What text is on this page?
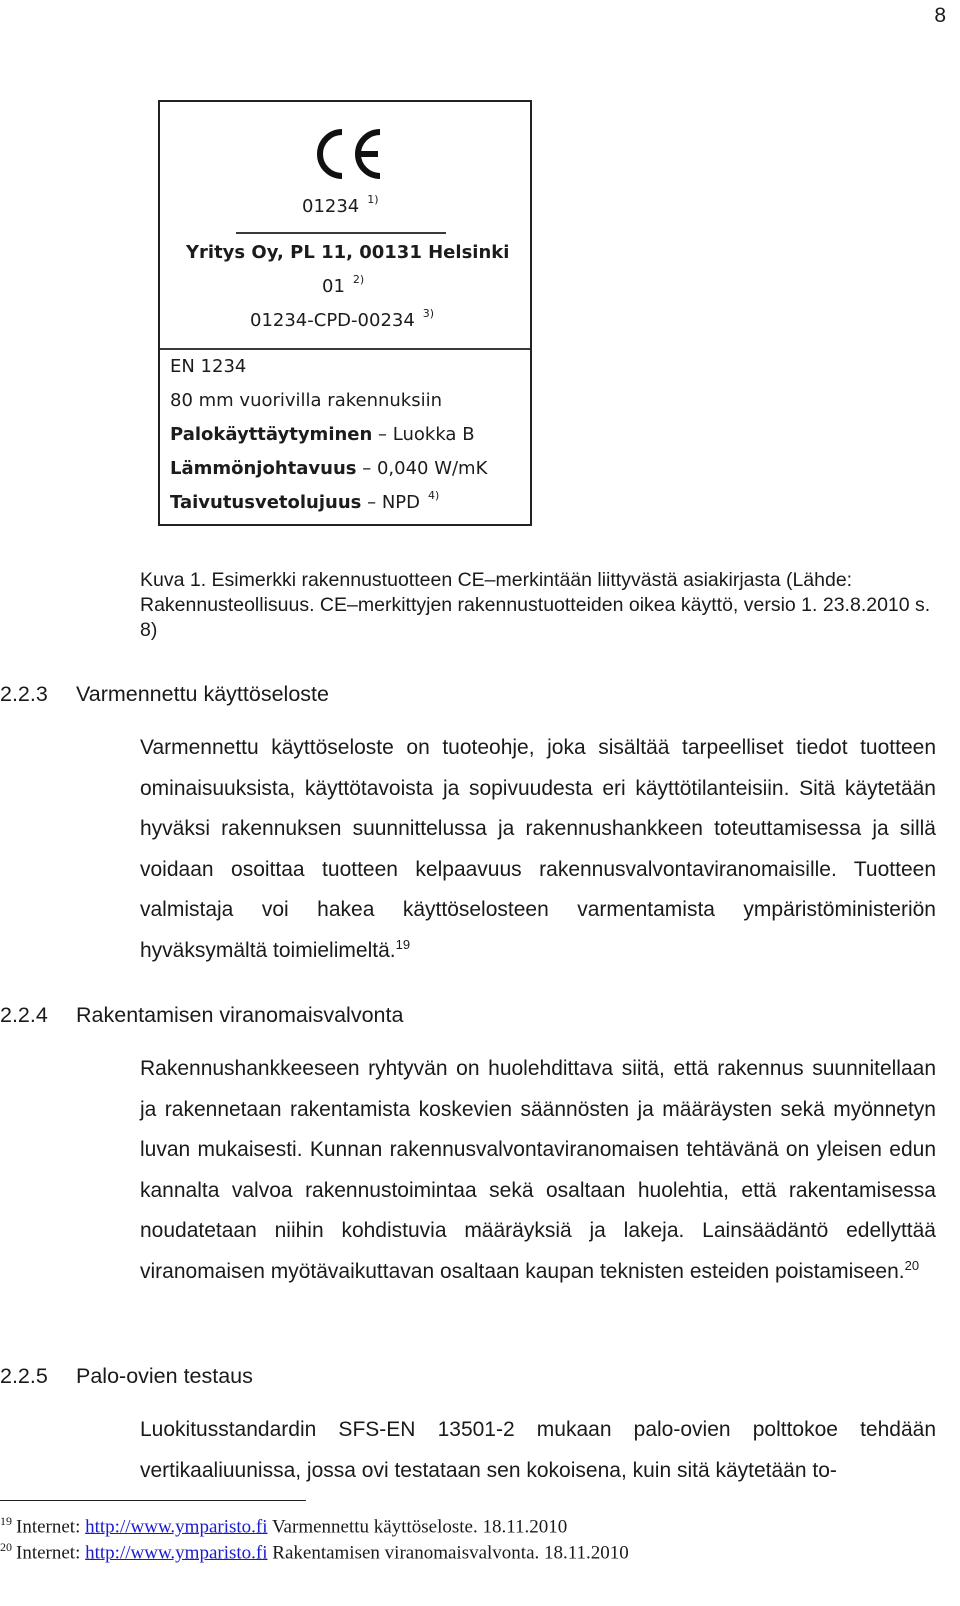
8
01234 $^{1)}$
Yritys Oy, PL 11, 00131 Helsinki
01 $^{2)}$
01234-CPD-00234 $^{3)}$
EN 1234
80 mm vuorivilla rakennuksiin
Palokäyttäytyminen – Luokka B
Lämmönjohtavuus – 0,040 W/mK
Taivutusvetolujuus – NPD $^{4)}$
Kuva 1. Esimerkki rakennustuotteen CE–merkintään liittyvästä asiakirjasta (Lähde: Rakennusteollisuus. CE–merkittyjen rakennustuotteiden oikea käyttö, versio 1. 23.8.2010 s. 8)
2.2.3 Varmennettu käyttöseloste
Varmennettu käyttöseloste on tuoteohje, joka sisältää tarpeelliset tiedot tuotteen ominaisuuksista, käyttötavoista ja sopivuudesta eri käyttötilanteisiin. Sitä käytetään hyväksi rakennuksen suunnittelussa ja rakennushankkeen toteuttamisessa ja sillä voidaan osoittaa tuotteen kelpaavuus rakennusvalvontaviranomaisille. Tuotteen valmistaja voi hakea käyttöselosteen varmentamista ympäristöministeriön hyväksymältä toimielimeltä.$^{19}$
2.2.4 Rakentamisen viranomaisvalvonta
Rakennushankkeeseen ryhtyvän on huolehdittava siitä, että rakennus suunnitellaan ja rakennetaan rakentamista koskevien säännösten ja määräysten sekä myönnetyn luvan mukaisesti. Kunnan rakennusvalvontaviranomaisen tehtävänä on yleisen edun kannalta valvoa rakennustoimintaa sekä osaltaan huolehtia, että rakentamisessa noudatetaan niihin kohdistuvia määräyksiä ja lakeja. Lainsäädäntö edellyttää viranomaisen myötävaikuttavan osaltaan kaupan teknisten esteiden poistamiseen.$^{20}$
2.2.5 Palo-ovien testaus
Luokitusstandardin SFS-EN 13501-2 mukaan palo-ovien polttokoe tehdään vertikaaliuunissa, jossa ovi testataan sen kokoisena, kuin sitä käytetään to-
$^{19}$ Internet: http://www.ymparisto.fi Varmennettu käyttöseloste. 18.11.2010
$^{20}$ Internet: http://www.ymparisto.fi Rakentamisen viranomaisvalvonta. 18.11.2010
